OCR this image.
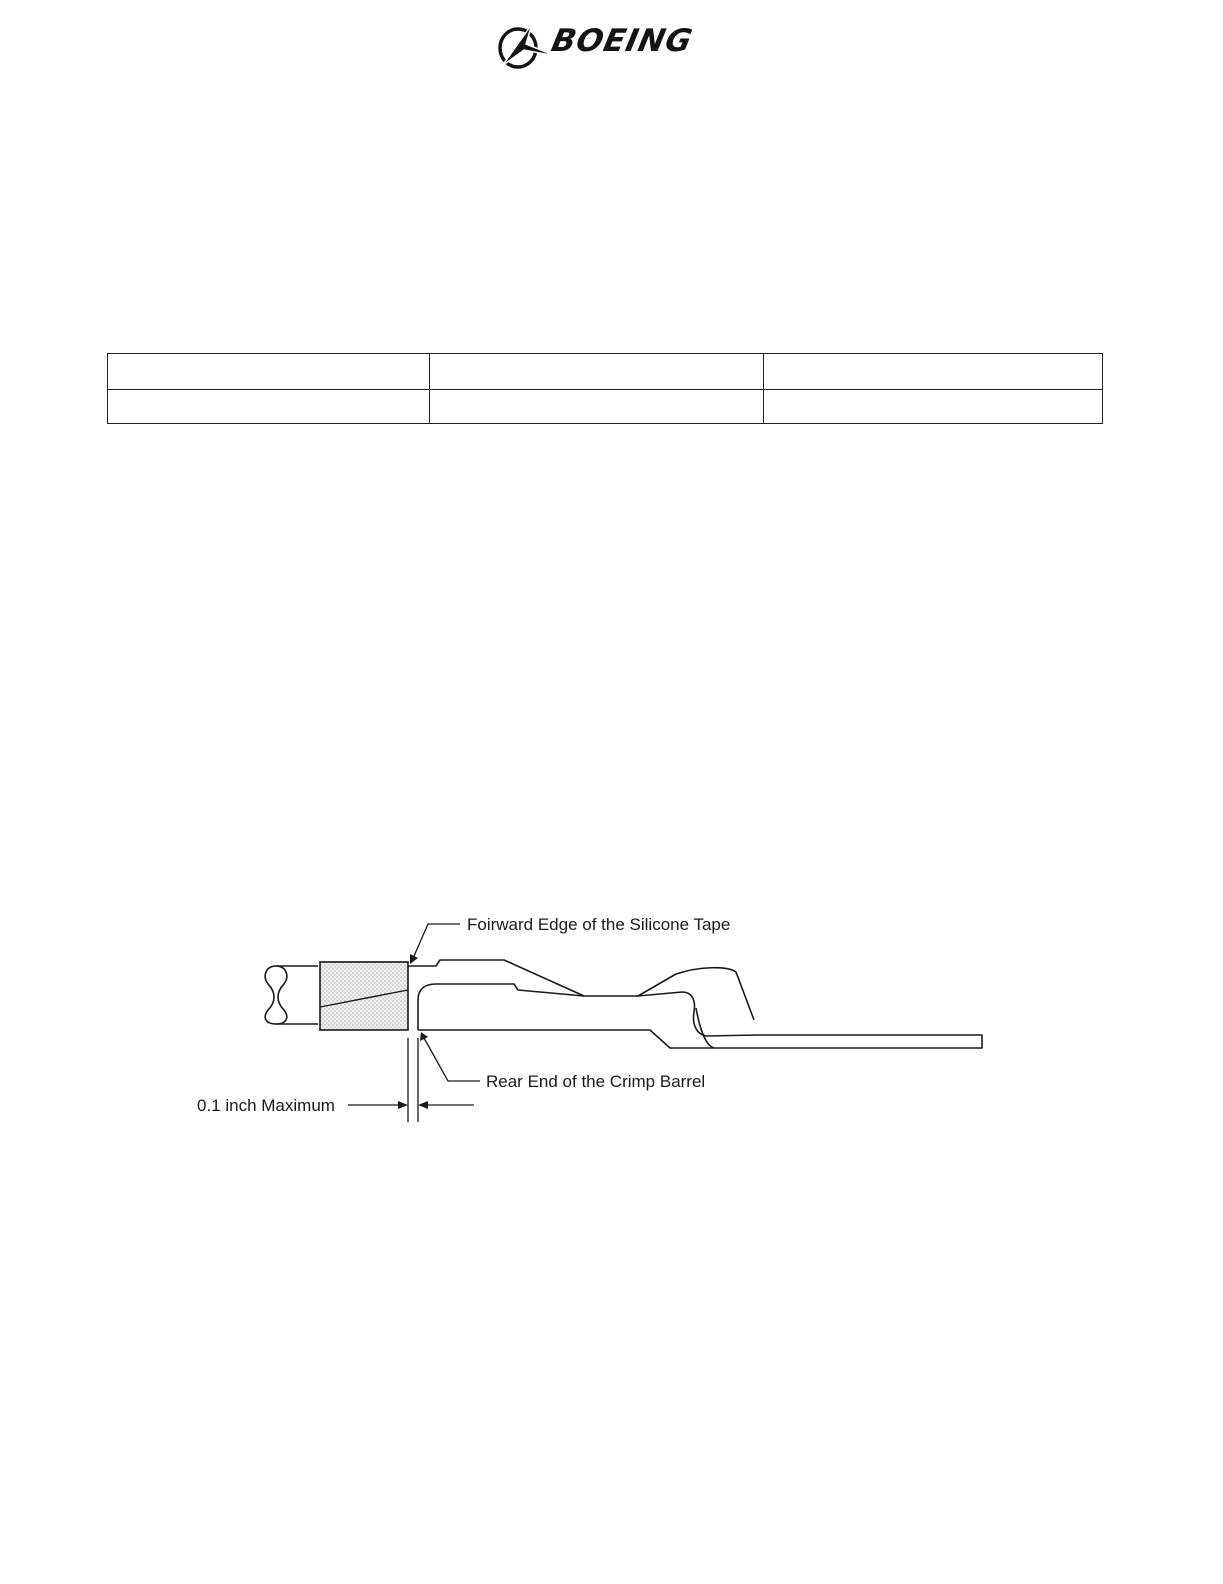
BOEING

Foirward Edge of the Silicone Tape
Rear End of the Crimp Barrel
0.1 inch Maximum
